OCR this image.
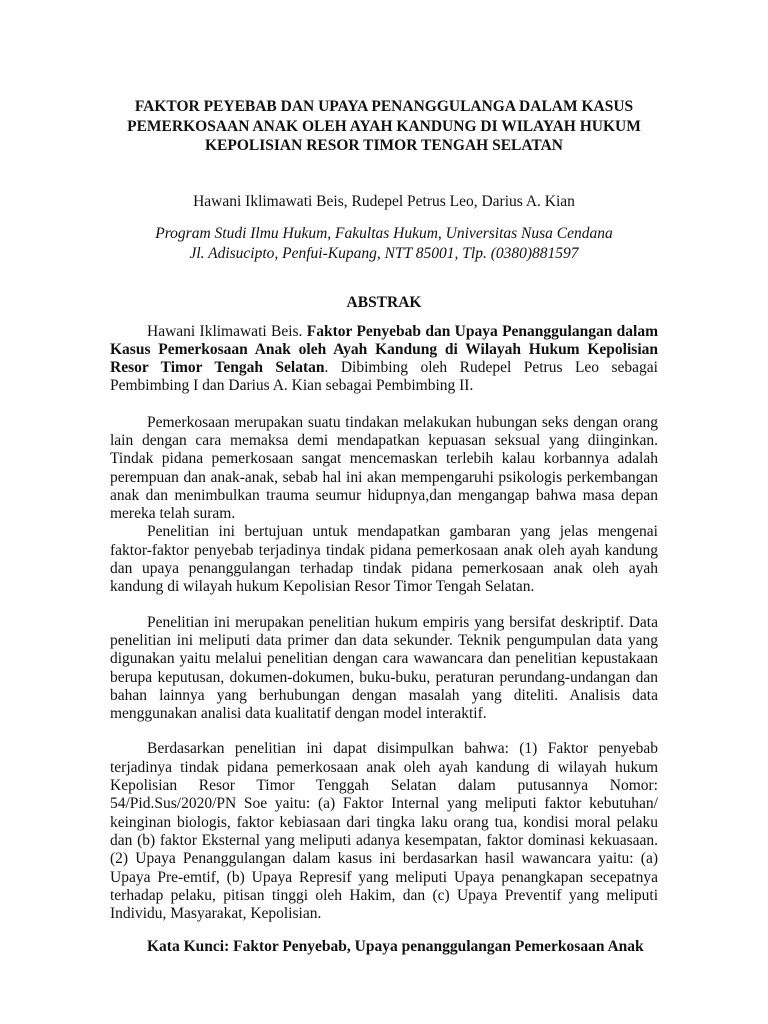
FAKTOR PEYEBAB DAN UPAYA PENANGGULANGA DALAM KASUS
PEMERKOSAAN ANAK OLEH AYAH KANDUNG DI WILAYAH HUKUM
KEPOLISIAN RESOR TIMOR TENGAH SELATAN

Hawani Iklimawati Beis, Rudepel Petrus Leo, Darius A. Kian

Program Studi Ilmu Hukum, Fakultas Hukum, Universitas Nusa Cendana
Jl. Adisucipto, Penfui-Kupang, NTT 85001, Tlp. (0380)881597

ABSTRAK

Hawani Iklimawati Beis. Faktor Penyebab dan Upaya Penanggulangan dalam Kasus Pemerkosaan Anak oleh Ayah Kandung di Wilayah Hukum Kepolisian Resor Timor Tengah Selatan. Dibimbing oleh Rudepel Petrus Leo sebagai Pembimbing I dan Darius A. Kian sebagai Pembimbing II.

Pemerkosaan merupakan suatu tindakan melakukan hubungan seks dengan orang lain dengan cara memaksa demi mendapatkan kepuasan seksual yang diinginkan. Tindak pidana pemerkosaan sangat mencemaskan terlebih kalau korbannya adalah perempuan dan anak-anak, sebab hal ini akan mempengaruhi psikologis perkembangan anak dan menimbulkan trauma seumur hidupnya,dan mengangap bahwa masa depan mereka telah suram.

Penelitian ini bertujuan untuk mendapatkan gambaran yang jelas mengenai faktor-faktor penyebab terjadinya tindak pidana pemerkosaan anak oleh ayah kandung dan upaya penanggulangan terhadap tindak pidana pemerkosaan anak oleh ayah kandung di wilayah hukum Kepolisian Resor Timor Tengah Selatan.

Penelitian ini merupakan penelitian hukum empiris yang bersifat deskriptif. Data penelitian ini meliputi data primer dan data sekunder. Teknik pengumpulan data yang digunakan yaitu melalui penelitian dengan cara wawancara dan penelitian kepustakaan berupa keputusan, dokumen-dokumen, buku-buku, peraturan perundang-undangan dan bahan lainnya yang berhubungan dengan masalah yang diteliti. Analisis data menggunakan analisi data kualitatif dengan model interaktif.

Berdasarkan penelitian ini dapat disimpulkan bahwa: (1) Faktor penyebab terjadinya tindak pidana pemerkosaan anak oleh ayah kandung di wilayah hukum Kepolisian Resor Timor Tenggah Selatan dalam putusannya Nomor: 54/Pid.Sus/2020/PN Soe yaitu: (a) Faktor Internal yang meliputi faktor kebutuhan/ keinginan biologis, faktor kebiasaan dari tingka laku orang tua, kondisi moral pelaku dan (b) faktor Eksternal yang meliputi adanya kesempatan, faktor dominasi kekuasaan. (2) Upaya Penanggulangan dalam kasus ini berdasarkan hasil wawancara yaitu: (a) Upaya Pre-emtif, (b) Upaya Represif yang meliputi Upaya penangkapan secepatnya terhadap pelaku, pitisan tinggi oleh Hakim, dan (c) Upaya Preventif yang meliputi Individu, Masyarakat, Kepolisian.

Kata Kunci: Faktor Penyebab, Upaya penanggulangan Pemerkosaan Anak
